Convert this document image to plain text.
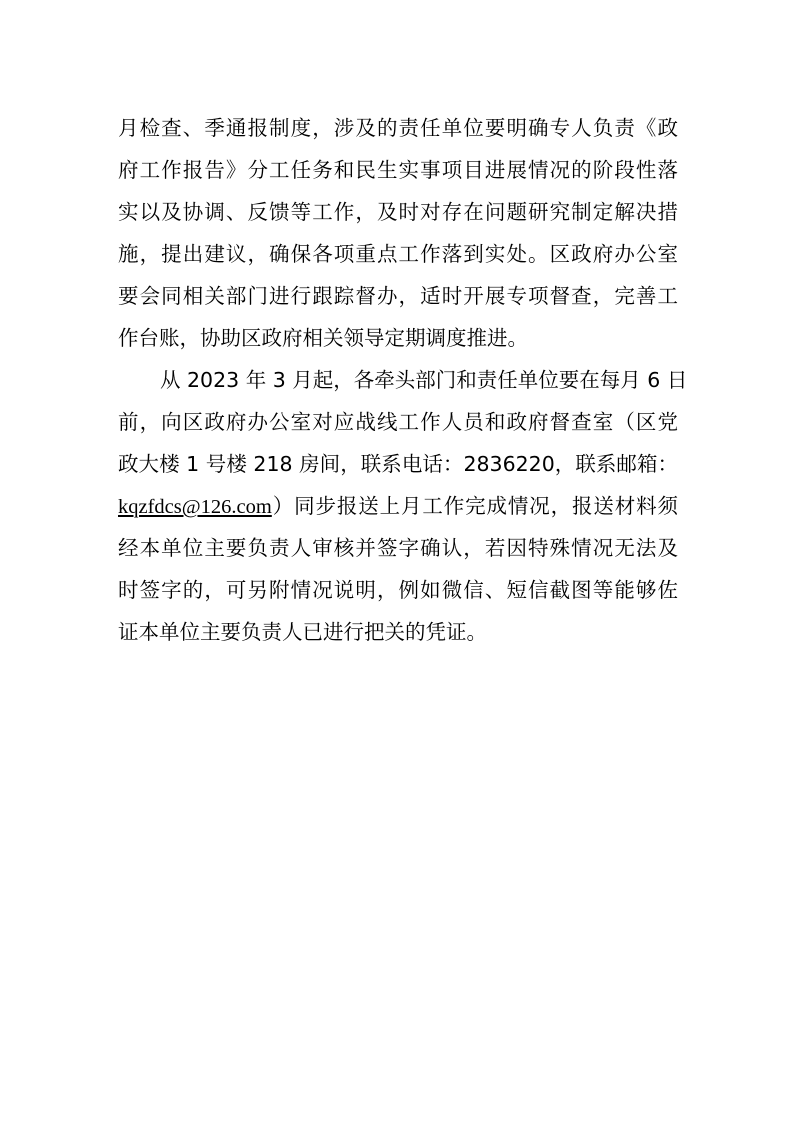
月检查、季通报制度，涉及的责任单位要明确专人负责《政
府工作报告》分工任务和民生实事项目进展情况的阶段性落
实以及协调、反馈等工作，及时对存在问题研究制定解决措
施，提出建议，确保各项重点工作落到实处。区政府办公室
要会同相关部门进行跟踪督办，适时开展专项督查，完善工
作台账，协助区政府相关领导定期调度推进。
从 2023 年 3 月起，各牵头部门和责任单位要在每月 6 日
前，向区政府办公室对应战线工作人员和政府督查室（区党
政大楼 1 号楼 218 房间，联系电话：2836220，联系邮箱：
kqzfdcs@126.com）同步报送上月工作完成情况，报送材料须
经本单位主要负责人审核并签字确认，若因特殊情况无法及
时签字的，可另附情况说明，例如微信、短信截图等能够佐
证本单位主要负责人已进行把关的凭证。
